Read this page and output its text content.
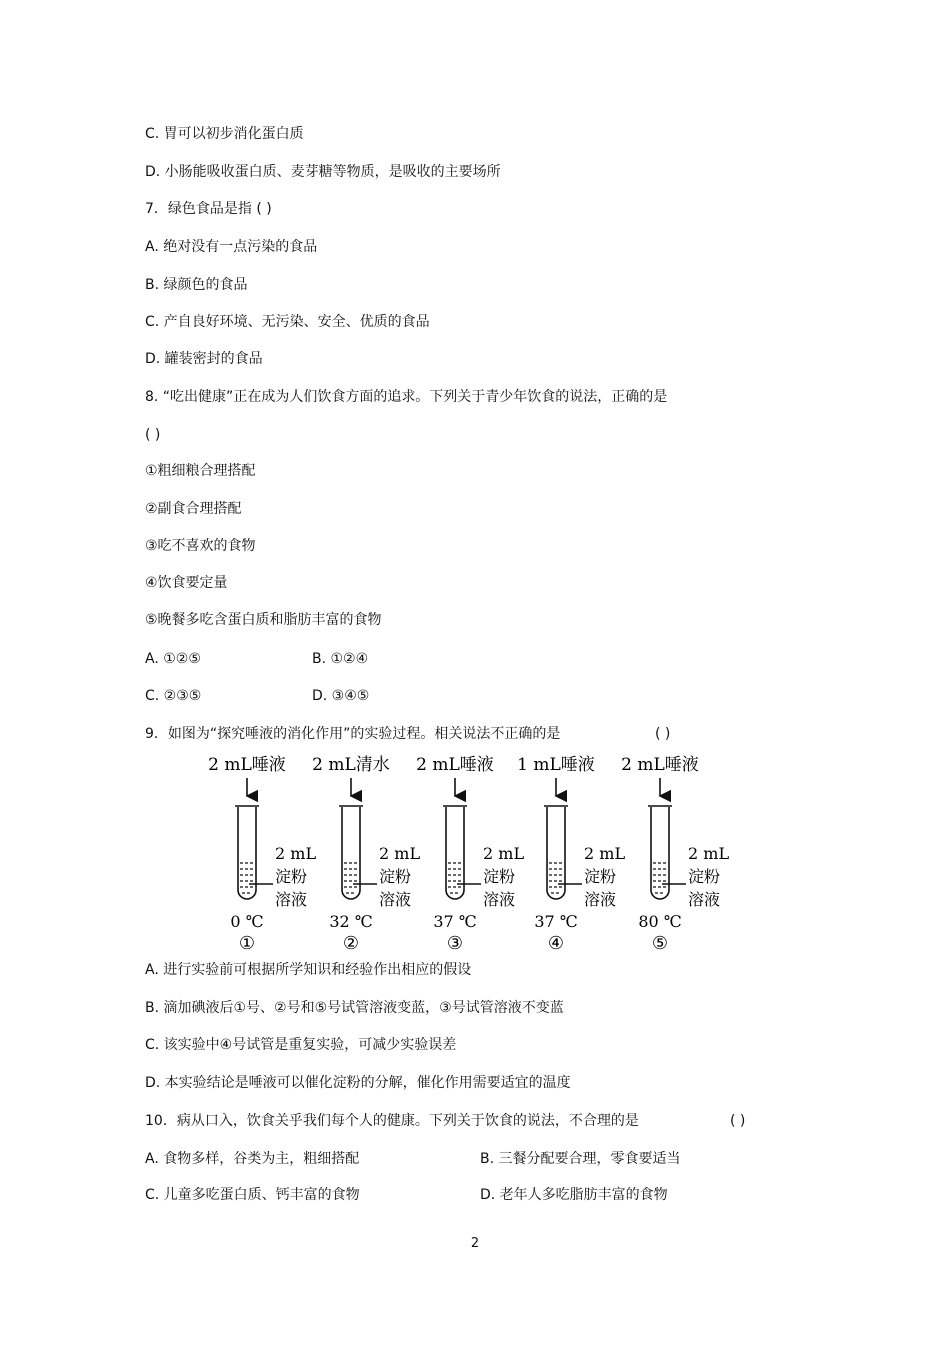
C. 胃可以初步消化蛋白质
D. 小肠能吸收蛋白质、麦芽糖等物质，是吸收的主要场所
7．绿色食品是指 ( )
A. 绝对没有一点污染的食品
B. 绿颜色的食品
C. 产自良好环境、无污染、安全、优质的食品
D. 罐装密封的食品
8. “吃出健康”正在成为人们饮食方面的追求。下列关于青少年饮食的说法，正确的是
( )
①粗细粮合理搭配
②副食合理搭配
③吃不喜欢的食物
④饮食要定量
⑤晚餐多吃含蛋白质和脂肪丰富的食物
A. ①②⑤	B. ①②④
C. ②③⑤	D. ③④⑤
9．如图为“探究唾液的消化作用”的实验过程。相关说法不正确的是	( )
2 mL唾液
2 mL
淀粉
溶液
0 ℃
①
2 mL清水
2 mL
淀粉
溶液
32 ℃
②
2 mL唾液
2 mL
淀粉
溶液
37 ℃
③
1 mL唾液
2 mL
淀粉
溶液
37 ℃
④
2 mL唾液
2 mL
淀粉
溶液
80 ℃
⑤
A. 进行实验前可根据所学知识和经验作出相应的假设
B. 滴加碘液后①号、②号和⑤号试管溶液变蓝，③号试管溶液不变蓝
C. 该实验中④号试管是重复实验，可减少实验误差
D. 本实验结论是唾液可以催化淀粉的分解，催化作用需要适宜的温度
10．病从口入，饮食关乎我们每个人的健康。下列关于饮食的说法，不合理的是	( )
A. 食物多样，谷类为主，粗细搭配	B. 三餐分配要合理，零食要适当
C. 儿童多吃蛋白质、钙丰富的食物	D. 老年人多吃脂肪丰富的食物
2
